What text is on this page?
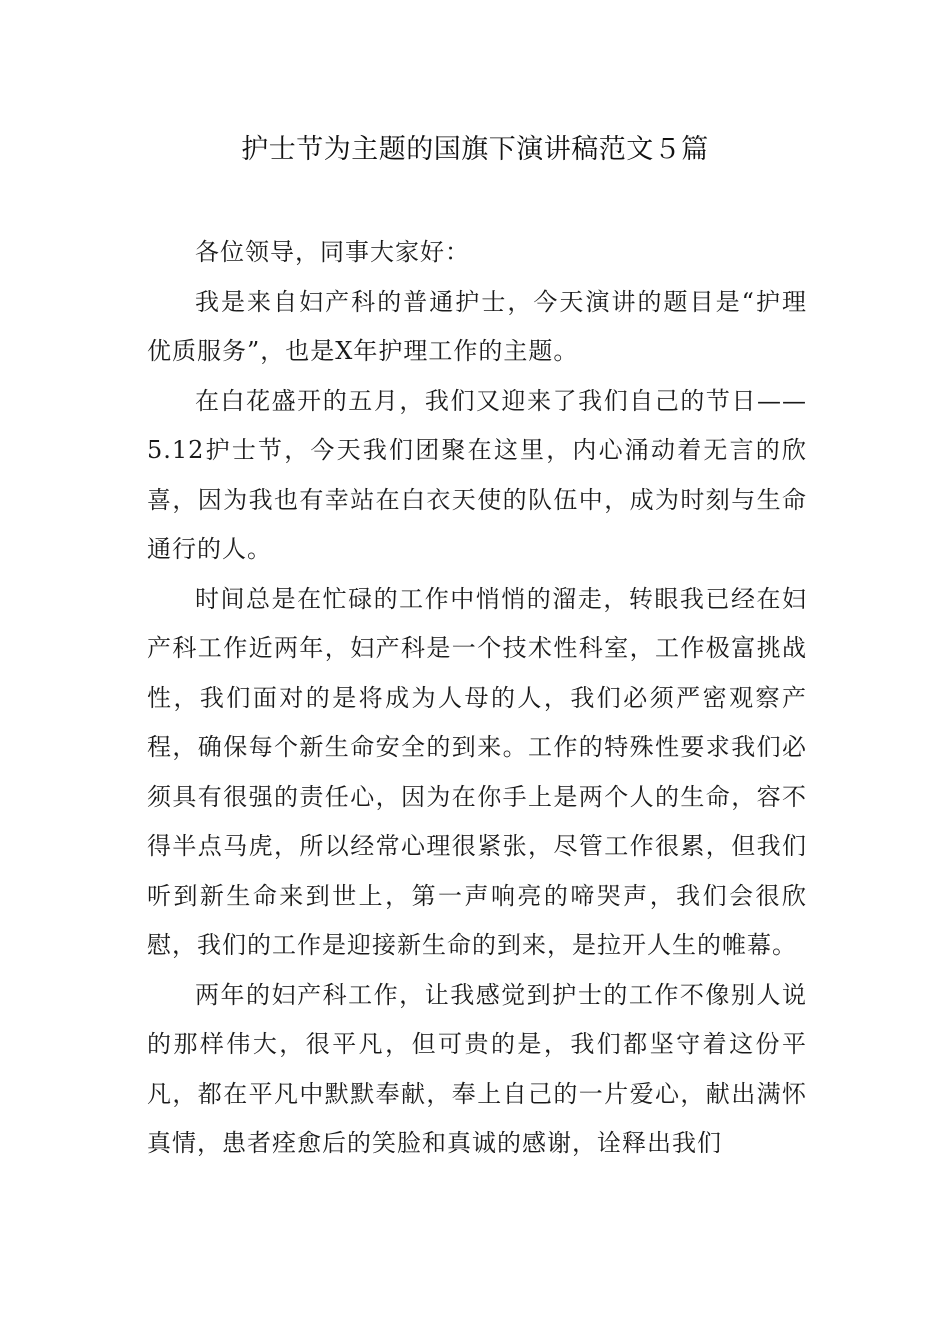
护士节为主题的国旗下演讲稿范文５篇

各位领导，同事大家好：

我是来自妇产科的普通护士，今天演讲的题目是“护理优质服务”，也是X年护理工作的主题。

在白花盛开的五月，我们又迎来了我们自己的节日——5.12护士节，今天我们团聚在这里，内心涌动着无言的欣喜，因为我也有幸站在白衣天使的队伍中，成为时刻与生命通行的人。

时间总是在忙碌的工作中悄悄的溜走，转眼我已经在妇产科工作近两年，妇产科是一个技术性科室，工作极富挑战性，我们面对的是将成为人母的人，我们必须严密观察产程，确保每个新生命安全的到来。工作的特殊性要求我们必须具有很强的责任心，因为在你手上是两个人的生命，容不得半点马虎，所以经常心理很紧张，尽管工作很累，但我们听到新生命来到世上，第一声响亮的啼哭声，我们会很欣慰，我们的工作是迎接新生命的到来，是拉开人生的帷幕。

两年的妇产科工作，让我感觉到护士的工作不像别人说的那样伟大，很平凡，但可贵的是，我们都坚守着这份平凡，都在平凡中默默奉献，奉上自己的一片爱心，献出满怀真情，患者痊愈后的笑脸和真诚的感谢，诠释出我们
